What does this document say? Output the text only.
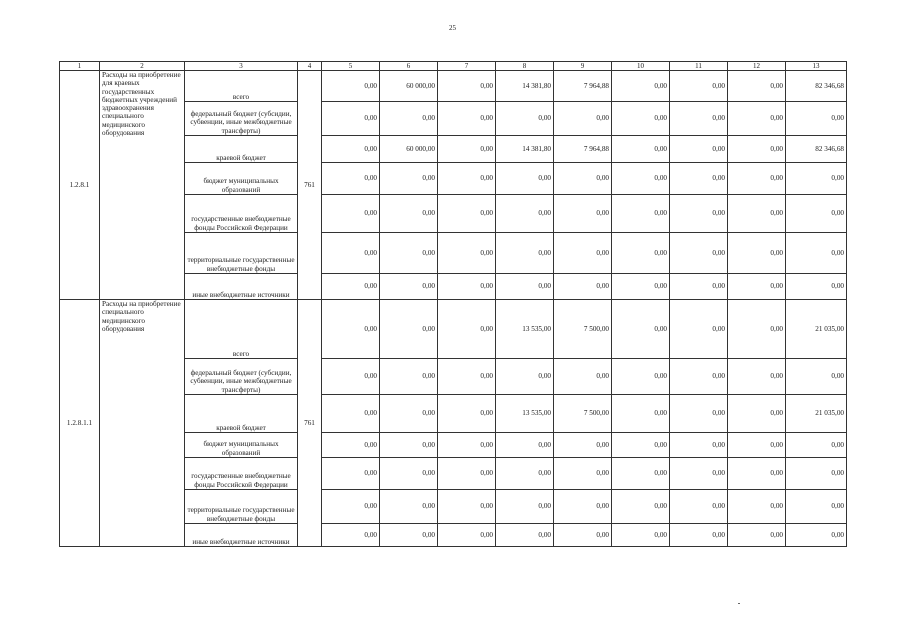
25
1	2	3	4	5	6	7	8	9	10	11	12	13
1.2.8.1	Расходы на приобретение для краевых государственных бюджетных учреждений здравоохранения специального медицинского оборудования	всего	761	0,00	60 000,00	0,00	14 381,80	7 964,88	0,00	0,00	0,00	82 346,68
		федеральный бюджет (субсидии, субвенции, иные межбюджетные трансферты)		0,00	0,00	0,00	0,00	0,00	0,00	0,00	0,00	0,00
		краевой бюджет		0,00	60 000,00	0,00	14 381,80	7 964,88	0,00	0,00	0,00	82 346,68
		бюджет муниципальных образований		0,00	0,00	0,00	0,00	0,00	0,00	0,00	0,00	0,00
		государственные внебюджетные фонды Российской Федерации		0,00	0,00	0,00	0,00	0,00	0,00	0,00	0,00	0,00
		территориальные государственные внебюджетные фонды		0,00	0,00	0,00	0,00	0,00	0,00	0,00	0,00	0,00
		иные внебюджетные источники		0,00	0,00	0,00	0,00	0,00	0,00	0,00	0,00	0,00
1.2.8.1.1	Расходы на приобретение специального медицинского оборудования	всего	761	0,00	0,00	0,00	13 535,00	7 500,00	0,00	0,00	0,00	21 035,00
		федеральный бюджет (субсидии, субвенции, иные межбюджетные трансферты)		0,00	0,00	0,00	0,00	0,00	0,00	0,00	0,00	0,00
		краевой бюджет		0,00	0,00	0,00	13 535,00	7 500,00	0,00	0,00	0,00	21 035,00
		бюджет муниципальных образований		0,00	0,00	0,00	0,00	0,00	0,00	0,00	0,00	0,00
		государственные внебюджетные фонды Российской Федерации		0,00	0,00	0,00	0,00	0,00	0,00	0,00	0,00	0,00
		территориальные государственные внебюджетные фонды		0,00	0,00	0,00	0,00	0,00	0,00	0,00	0,00	0,00
		иные внебюджетные источники		0,00	0,00	0,00	0,00	0,00	0,00	0,00	0,00	0,00
